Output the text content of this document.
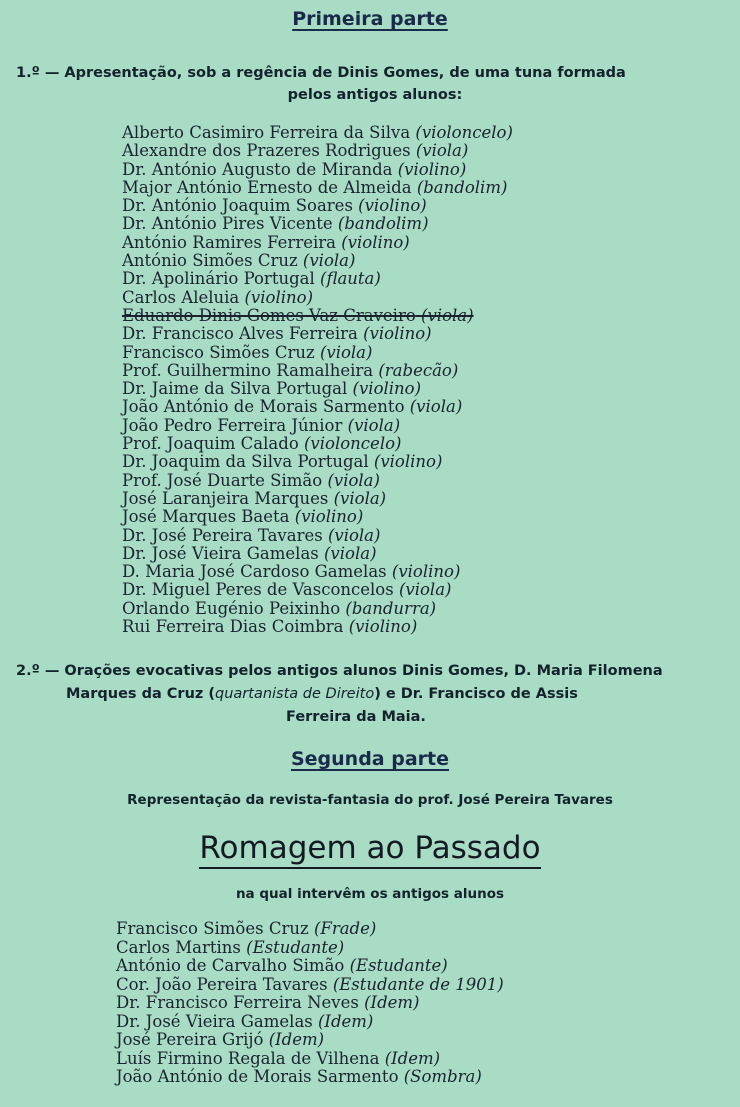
Primeira parte
1.º — Apresentação, sob a regência de Dinis Gomes, de uma tuna formada
pelos antigos alunos:
Alberto Casimiro Ferreira da Silva (violoncelo)
Alexandre dos Prazeres Rodrigues (viola)
Dr. António Augusto de Miranda (violino)
Major António Ernesto de Almeida (bandolim)
Dr. António Joaquim Soares (violino)
Dr. António Pires Vicente (bandolim)
António Ramires Ferreira (violino)
António Simões Cruz (viola)
Dr. Apolinário Portugal (flauta)
Carlos Aleluia (violino)
Eduardo Dinis Gomes Vaz Craveiro (viola)
Dr. Francisco Alves Ferreira (violino)
Francisco Simões Cruz (viola)
Prof. Guilhermino Ramalheira (rabecão)
Dr. Jaime da Silva Portugal (violino)
João António de Morais Sarmento (viola)
João Pedro Ferreira Júnior (viola)
Prof. Joaquim Calado (violoncelo)
Dr. Joaquim da Silva Portugal (violino)
Prof. José Duarte Simão (viola)
José Laranjeira Marques (viola)
José Marques Baeta (violino)
Dr. José Pereira Tavares (viola)
Dr. José Vieira Gamelas (viola)
D. Maria José Cardoso Gamelas (violino)
Dr. Miguel Peres de Vasconcelos (viola)
Orlando Eugénio Peixinho (bandurra)
Rui Ferreira Dias Coimbra (violino)
2.º — Orações evocativas pelos antigos alunos Dinis Gomes, D. Maria Filomena
Marques da Cruz (quartanista de Direito) e Dr. Francisco de Assis
Ferreira da Maia.
Segunda parte
Representação da revista-fantasia do prof. José Pereira Tavares
Romagem ao Passado
na qual intervêm os antigos alunos
Francisco Simões Cruz (Frade)
Carlos Martins (Estudante)
António de Carvalho Simão (Estudante)
Cor. João Pereira Tavares (Estudante de 1901)
Dr. Francisco Ferreira Neves (Idem)
Dr. José Vieira Gamelas (Idem)
José Pereira Grijó (Idem)
Luís Firmino Regala de Vilhena (Idem)
João António de Morais Sarmento (Sombra)
